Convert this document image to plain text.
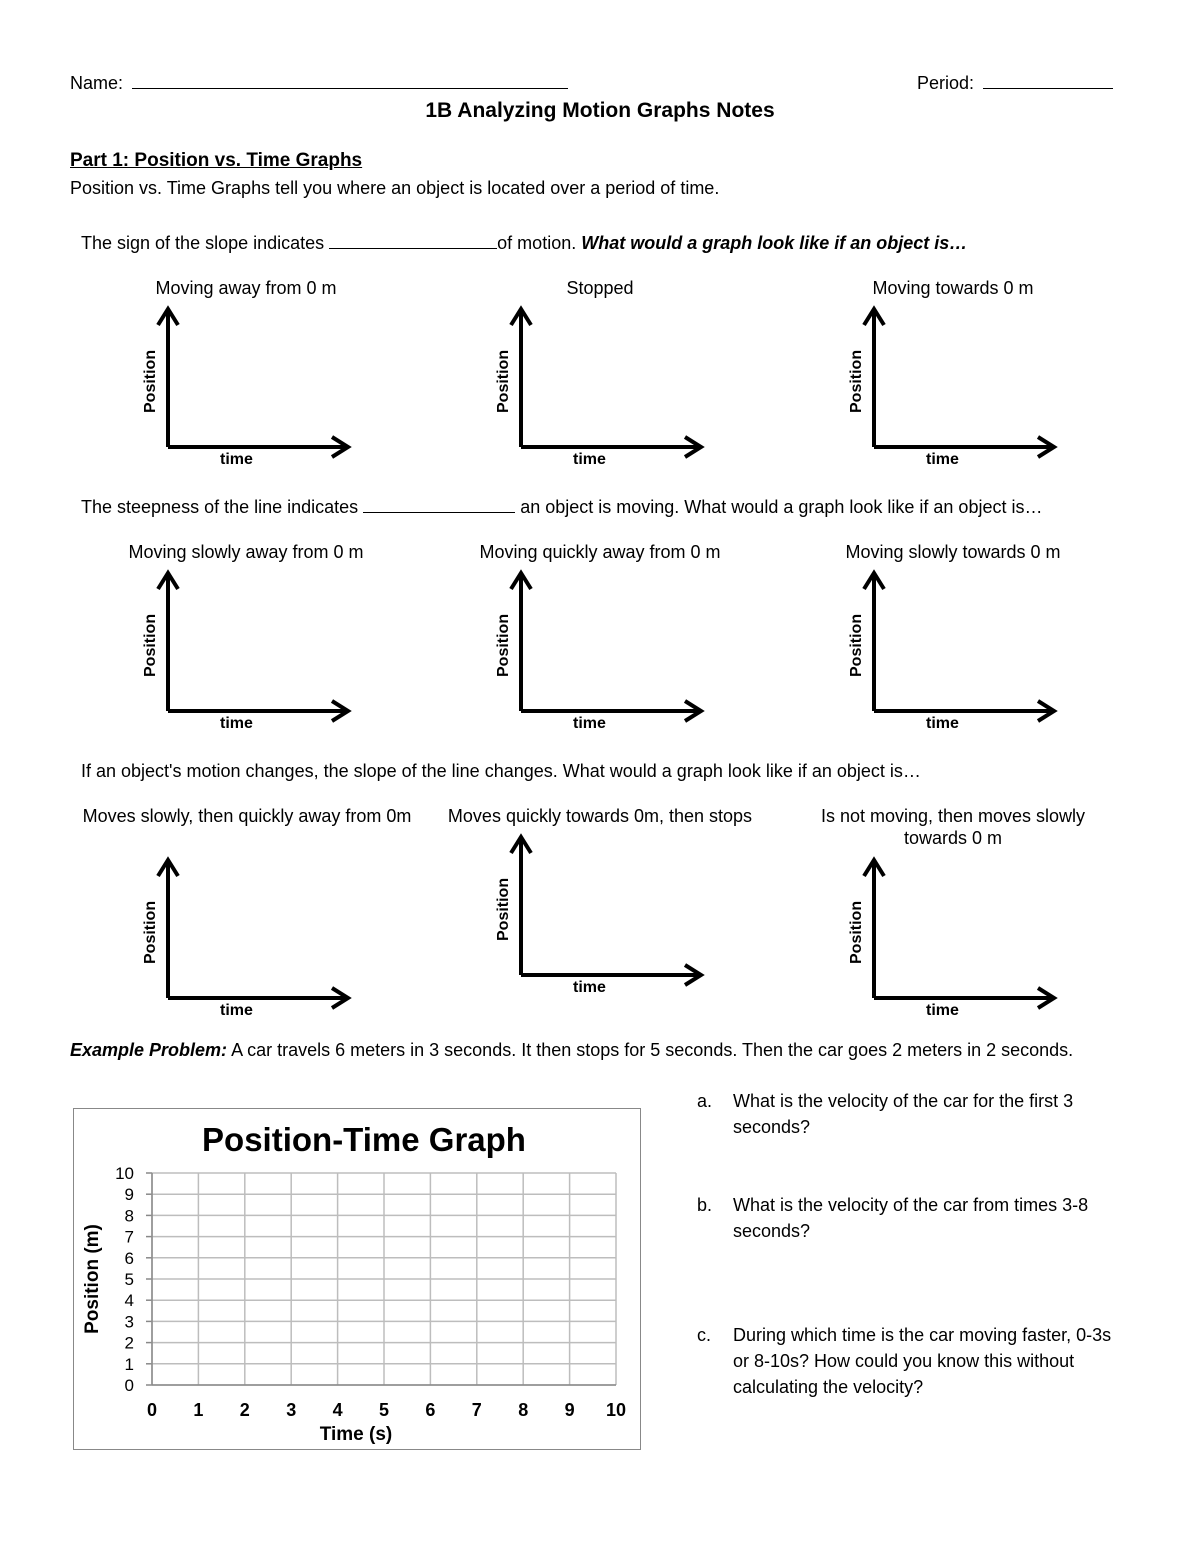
Name:	Period:
1B Analyzing Motion Graphs Notes
Part 1: Position vs. Time Graphs
Position vs. Time Graphs tell you where an object is located over a period of time.
The sign of the slope indicates	of motion. What would a graph look like if an object is…
Moving away from 0 m	Stopped	Moving towards 0 m
Position
time
Position
time
Position
time
The steepness of the line indicates	an object is moving. What would a graph look like if an object is…
Moving slowly away from 0 m	Moving quickly away from 0 m	Moving slowly towards 0 m
Position
time
Position
time
Position
time
If an object's motion changes, the slope of the line changes. What would a graph look like if an object is…
Moves slowly, then quickly away from 0m	Moves quickly towards 0m, then stops	Is not moving, then moves slowly towards 0 m
Position
time
Position
time
Position
time
Example Problem: A car travels 6 meters in 3 seconds. It then stops for 5 seconds. Then the car goes 2 meters in 2 seconds.
Position-Time Graph
0
1
2
3
4
5
6
7
8
9
10
0 1 2 3 4 5 6 7 8 9 10
Time (s)
Position (m)
a. What is the velocity of the car for the first 3 seconds?
b. What is the velocity of the car from times 3-8 seconds?
c. During which time is the car moving faster, 0-3s or 8-10s? How could you know this without calculating the velocity?
